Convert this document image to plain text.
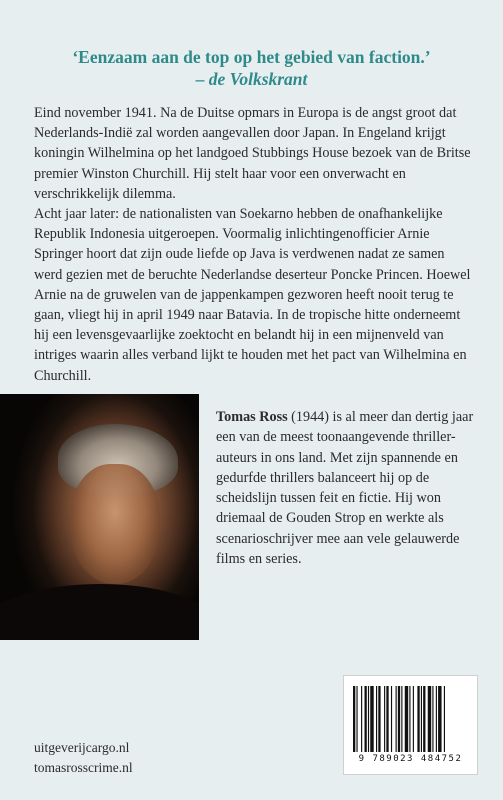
‘Eenzaam aan de top op het gebied van faction.’
– de Volkskrant

Eind november 1941. Na de Duitse opmars in Europa is de angst groot dat Nederlands-Indië zal worden aangevallen door Japan. In Engeland krijgt koningin Wilhelmina op het landgoed Stubbings House bezoek van de Britse premier Winston Churchill. Hij stelt haar voor een onverwacht en verschrikkelijk dilemma.

Acht jaar later: de nationalisten van Soekarno hebben de onafhankelijke Republik Indonesia uitgeroepen. Voormalig inlichtingenofficier Arnie Springer hoort dat zijn oude liefde op Java is verdwenen nadat ze samen werd gezien met de beruchte Nederlandse deserteur Poncke Princen. Hoewel Arnie na de gruwelen van de jappenkampen gezworen heeft nooit terug te gaan, vliegt hij in april 1949 naar Batavia. In de tropische hitte onderneemt hij een levensgevaarlijke zoektocht en belandt hij in een mijnenveld van intriges waarin alles verband lijkt te houden met het pact van Wilhelmina en Churchill.

Tomas Ross (1944) is al meer dan dertig jaar een van de meest toonaangevende thriller-auteurs in ons land. Met zijn spannende en gedurfde thrillers balanceert hij op de scheidslijn tussen feit en fictie. Hij won driemaal de Gouden Strop en werkte als scenarioschrijver mee aan vele gelauwerde films en series.
uitgeverijcargo.nl
tomasrosscrime.nl
9 789023 484752
